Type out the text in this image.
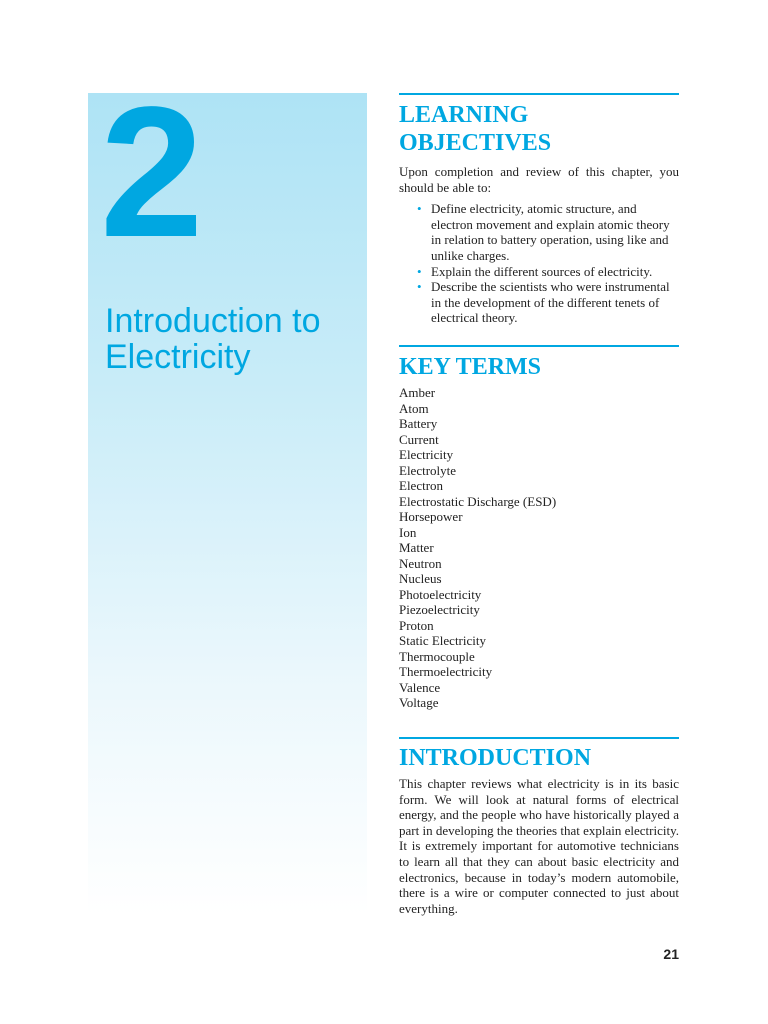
2
Introduction to
Electricity
LEARNING
OBJECTIVES

Upon completion and review of this chapter, you should be able to:

• Define electricity, atomic structure, and electron movement and explain atomic theory in relation to battery operation, using like and unlike charges.
• Explain the different sources of electricity.
• Describe the scientists who were instrumental in the development of the different tenets of electrical theory.
KEY TERMS
Amber
Atom
Battery
Current
Electricity
Electrolyte
Electron
Electrostatic Discharge (ESD)
Horsepower
Ion
Matter
Neutron
Nucleus
Photoelectricity
Piezoelectricity
Proton
Static Electricity
Thermocouple
Thermoelectricity
Valence
Voltage
INTRODUCTION

This chapter reviews what electricity is in its basic form. We will look at natural forms of electrical energy, and the people who have historically played a part in developing the theories that explain electricity. It is extremely important for automotive technicians to learn all that they can about basic electricity and electronics, because in today’s modern automobile, there is a wire or computer connected to just about everything.

21
